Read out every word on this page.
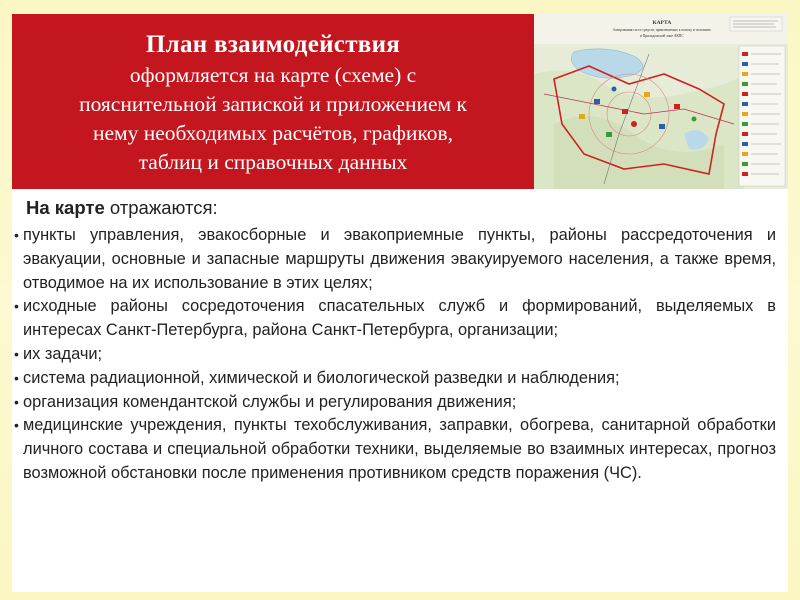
План взаимодействия
оформляется на карте (схеме) с
пояснительной запиской и приложением к
нему необходимых расчётов, графиков,
таблиц и справочных данных
КАРТА
базирования сил и средств, привлекаемых к поиску и спасанию
в Приладожской зоне АКПС
На карте отражаются:
• пункты управления, эвакосборные и эвакоприемные пункты, районы рассредоточения и эвакуации, основные и запасные маршруты движения эвакуируемого населения, а также время, отводимое на их использование в этих целях;
• исходные районы сосредоточения спасательных служб и формирований, выделяемых в интересах Санкт-Петербурга, района Санкт-Петербурга, организации;
• их задачи;
• система радиационной, химической и биологической разведки и наблюдения;
• организация комендантской службы и регулирования движения;
• медицинские учреждения, пункты техобслуживания, заправки, обогрева, санитарной обработки личного состава и специальной обработки техники, выделяемые во взаимных интересах, прогноз возможной обстановки после применения противником средств поражения (ЧС).
